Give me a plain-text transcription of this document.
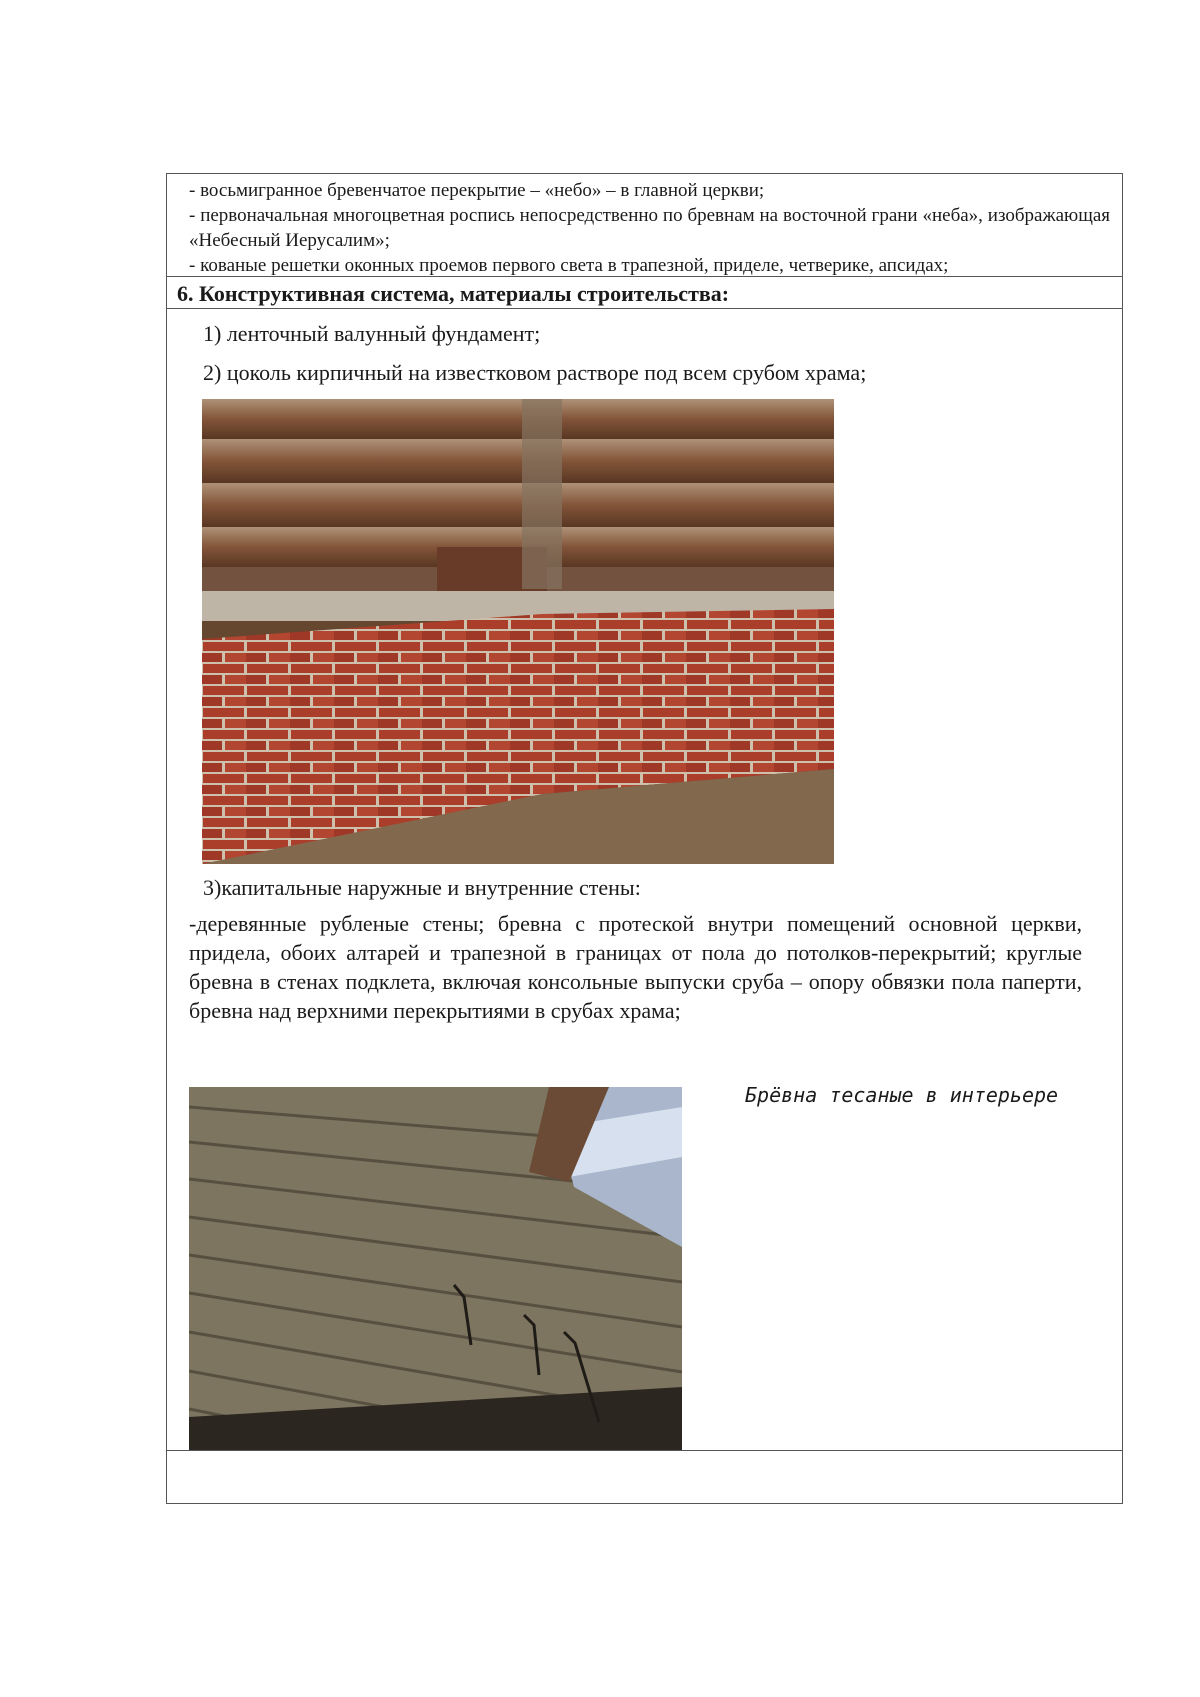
- восьмигранное бревенчатое перекрытие – «небо» – в главной церкви;

- первоначальная многоцветная роспись непосредственно по бревнам на восточной грани «неба», изображающая «Небесный Иерусалим»;

- кованые решетки оконных проемов первого света в трапезной, приделе, четверике, апсидах;

6. Конструктивная система, материалы строительства:
1) ленточный валунный фундамент;
2) цоколь кирпичный на известковом растворе под всем срубом храма;
3)капитальные наружные и внутренние стены:
-деревянные рубленые стены; бревна с протеской внутри помещений основной церкви, придела, обоих алтарей и трапезной в границах от пола до потолков-перекрытий; круглые бревна в стенах подклета, включая консольные выпуски сруба – опору обвязки пола паперти, бревна над верхними перекрытиями в срубах храма;
Брёвна тесаные в интерьере
